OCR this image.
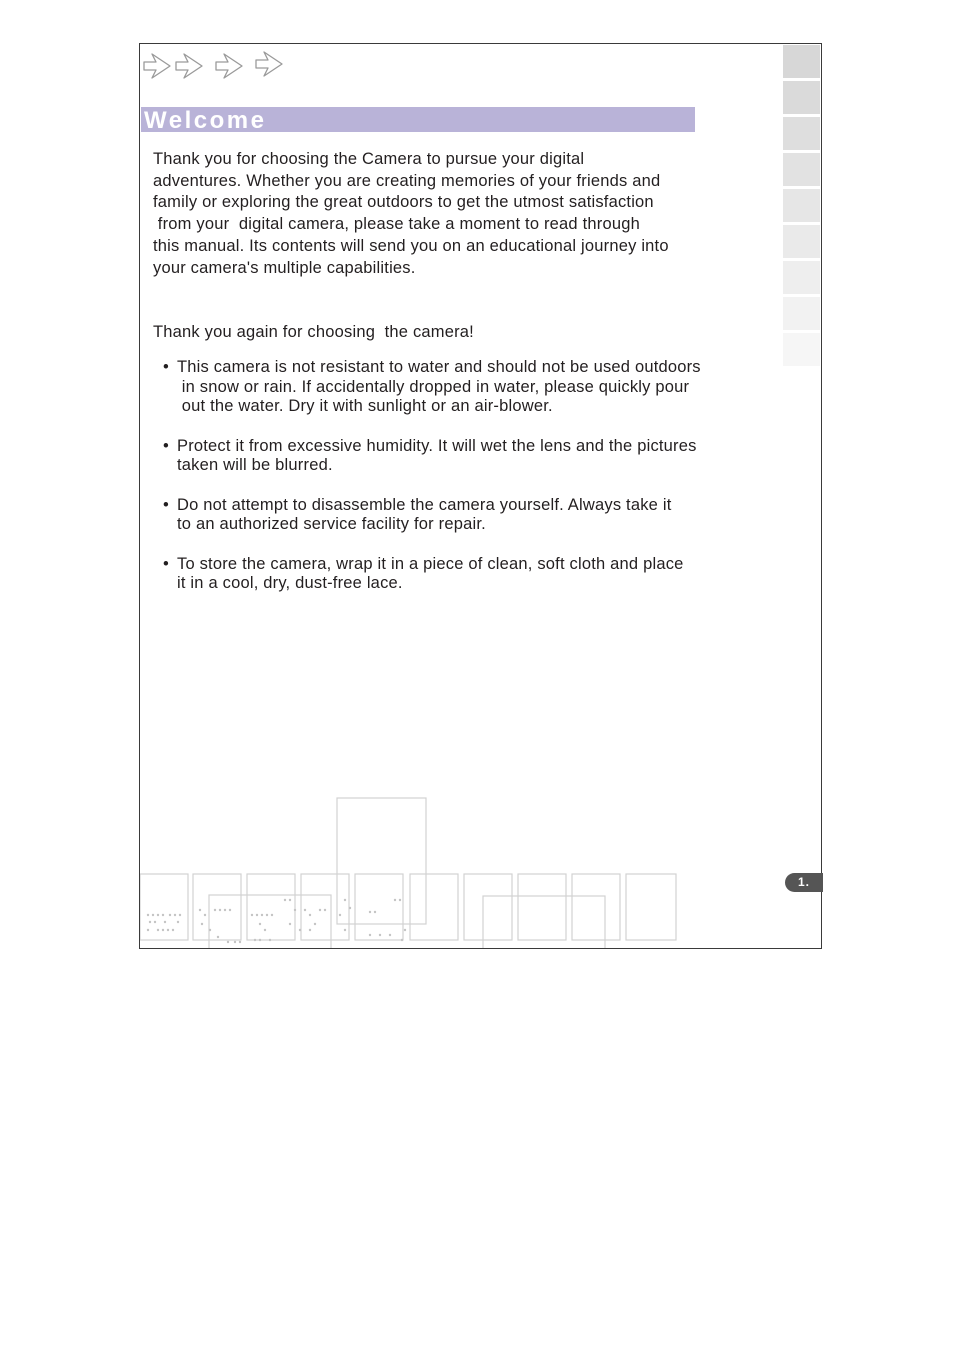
Welcome
Thank you for choosing the Camera to pursue your digital
adventures. Whether you are creating memories of your friends and
family or exploring the great outdoors to get the utmost satisfaction
from your  digital camera, please take a moment to read through
this manual. Its contents will send you on an educational journey into
your camera's multiple capabilities.

Thank you again for choosing  the camera!

• This camera is not resistant to water and should not be used outdoors
in snow or rain. If accidentally dropped in water, please quickly pour
out the water. Dry it with sunlight or an air-blower.
• Protect it from excessive humidity. It will wet the lens and the pictures
taken will be blurred.
• Do not attempt to disassemble the camera yourself. Always take it
to an authorized service facility for repair.
• To store the camera, wrap it in a piece of clean, soft cloth and place
it in a cool, dry, dust-free lace.
1.
